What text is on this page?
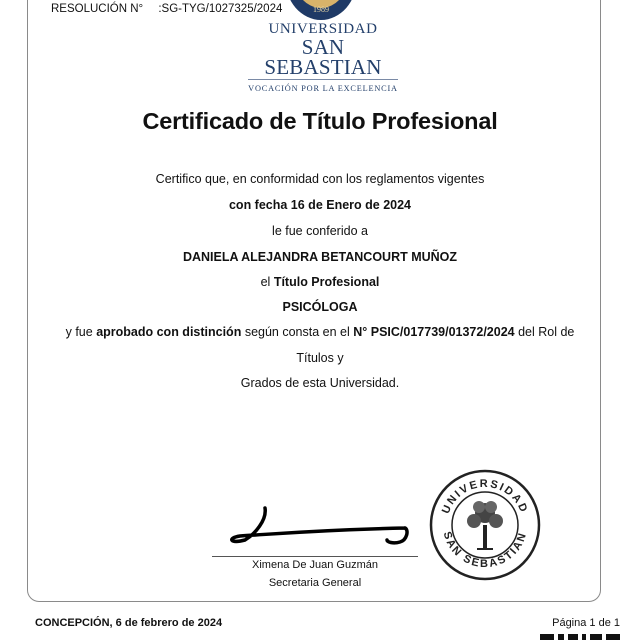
RESOLUCIÓN N° :SG-TYG/1027325/2024	1989
UNIVERSIDAD
SAN SEBASTIAN
VOCACIÓN POR LA EXCELENCIA
Certificado de Título Profesional
Certifico que, en conformidad con los reglamentos vigentes
con fecha 16 de Enero de 2024
le fue conferido a
DANIELA ALEJANDRA BETANCOURT MUÑOZ
el Título Profesional
PSICÓLOGA
y fue aprobado con distinción según consta en el N° PSIC/017739/01372/2024 del Rol de
Títulos y
Grados de esta Universidad.
Ximena De Juan Guzmán
Secretaria General
UNIVERSIDAD
SAN SEBASTIAN
CONCEPCIÓN, 6 de febrero de 2024	Página 1 de 1
